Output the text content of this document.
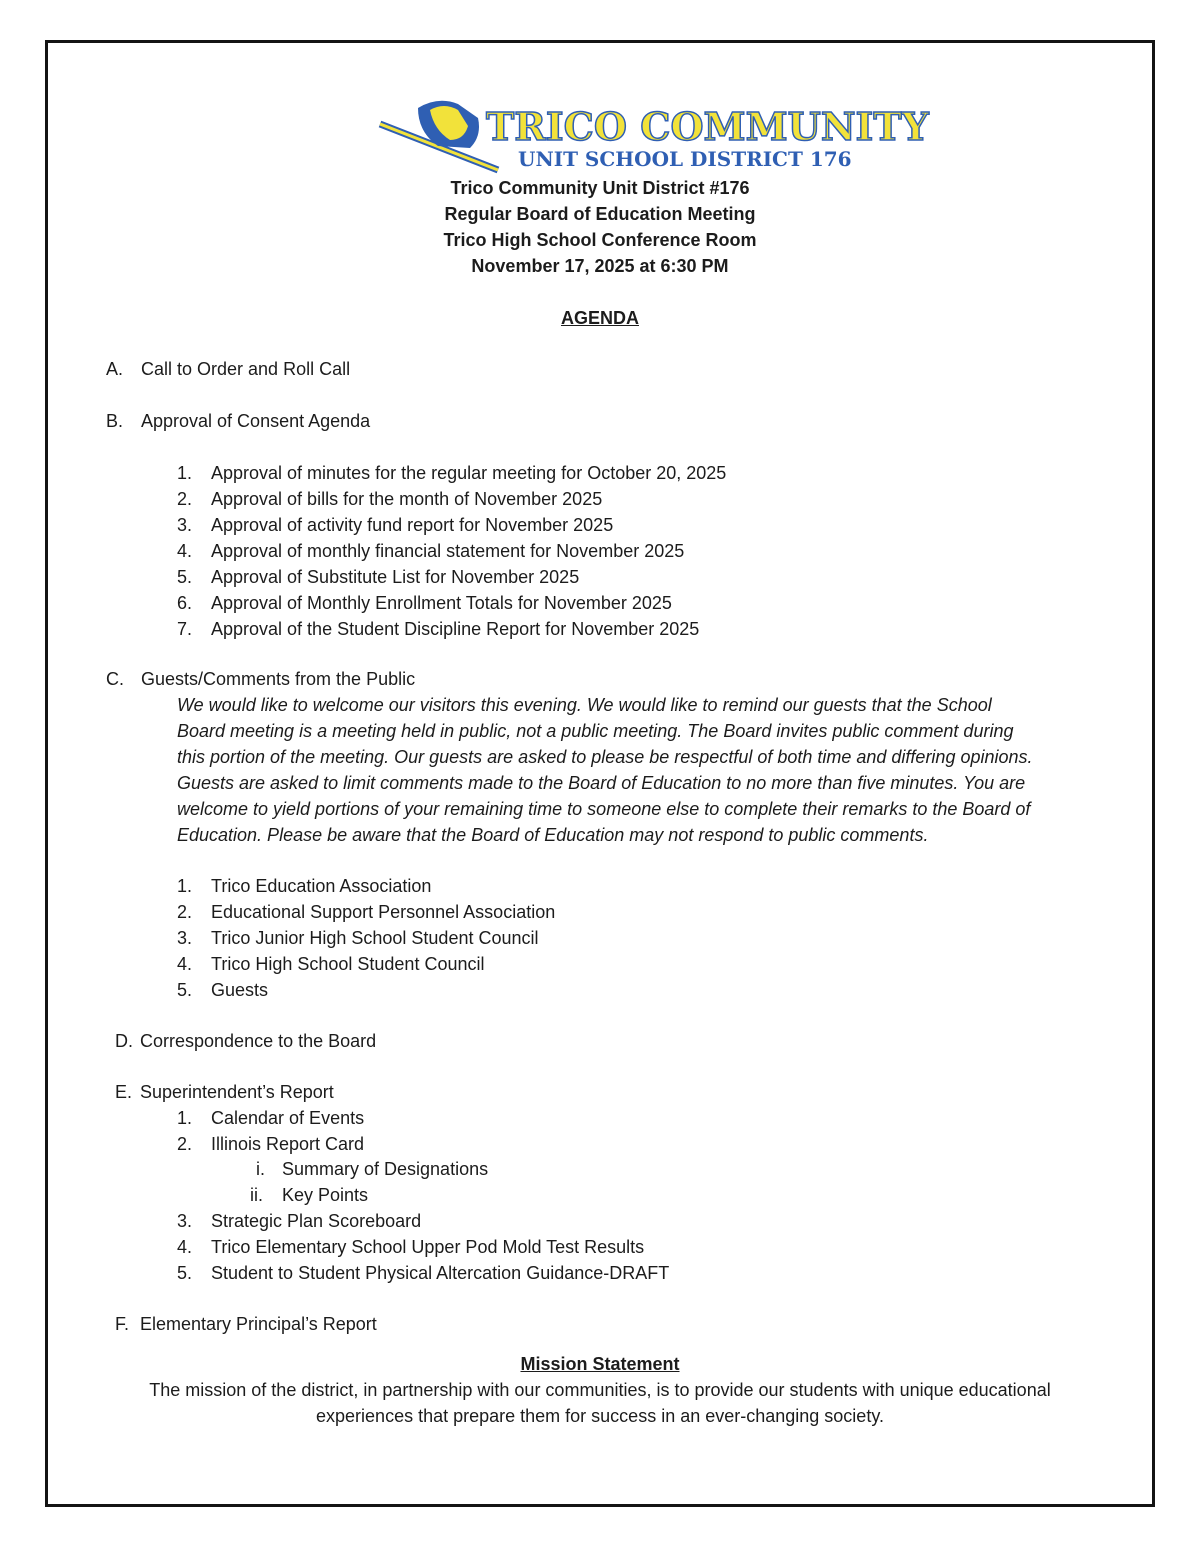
TRICO COMMUNITY
UNIT SCHOOL DISTRICT 176
Trico Community Unit District #176
Regular Board of Education Meeting
Trico High School Conference Room
November 17, 2025 at 6:30 PM
AGENDA
A. Call to Order and Roll Call
B. Approval of Consent Agenda
1. Approval of minutes for the regular meeting for October 20, 2025
2. Approval of bills for the month of November 2025
3. Approval of activity fund report for November 2025
4. Approval of monthly financial statement for November 2025
5. Approval of Substitute List for November 2025
6. Approval of Monthly Enrollment Totals for November 2025
7. Approval of the Student Discipline Report for November 2025
C. Guests/Comments from the Public
We would like to welcome our visitors this evening. We would like to remind our guests that the School
Board meeting is a meeting held in public, not a public meeting. The Board invites public comment during
this portion of the meeting. Our guests are asked to please be respectful of both time and differing opinions.
Guests are asked to limit comments made to the Board of Education to no more than five minutes. You are
welcome to yield portions of your remaining time to someone else to complete their remarks to the Board of
Education. Please be aware that the Board of Education may not respond to public comments.
1. Trico Education Association
2. Educational Support Personnel Association
3. Trico Junior High School Student Council
4. Trico High School Student Council
5. Guests
D. Correspondence to the Board
E. Superintendent’s Report
1. Calendar of Events
2. Illinois Report Card
i. Summary of Designations
ii. Key Points
3. Strategic Plan Scoreboard
4. Trico Elementary School Upper Pod Mold Test Results
5. Student to Student Physical Altercation Guidance-DRAFT
F. Elementary Principal’s Report
Mission Statement
The mission of the district, in partnership with our communities, is to provide our students with unique educational
experiences that prepare them for success in an ever-changing society.
